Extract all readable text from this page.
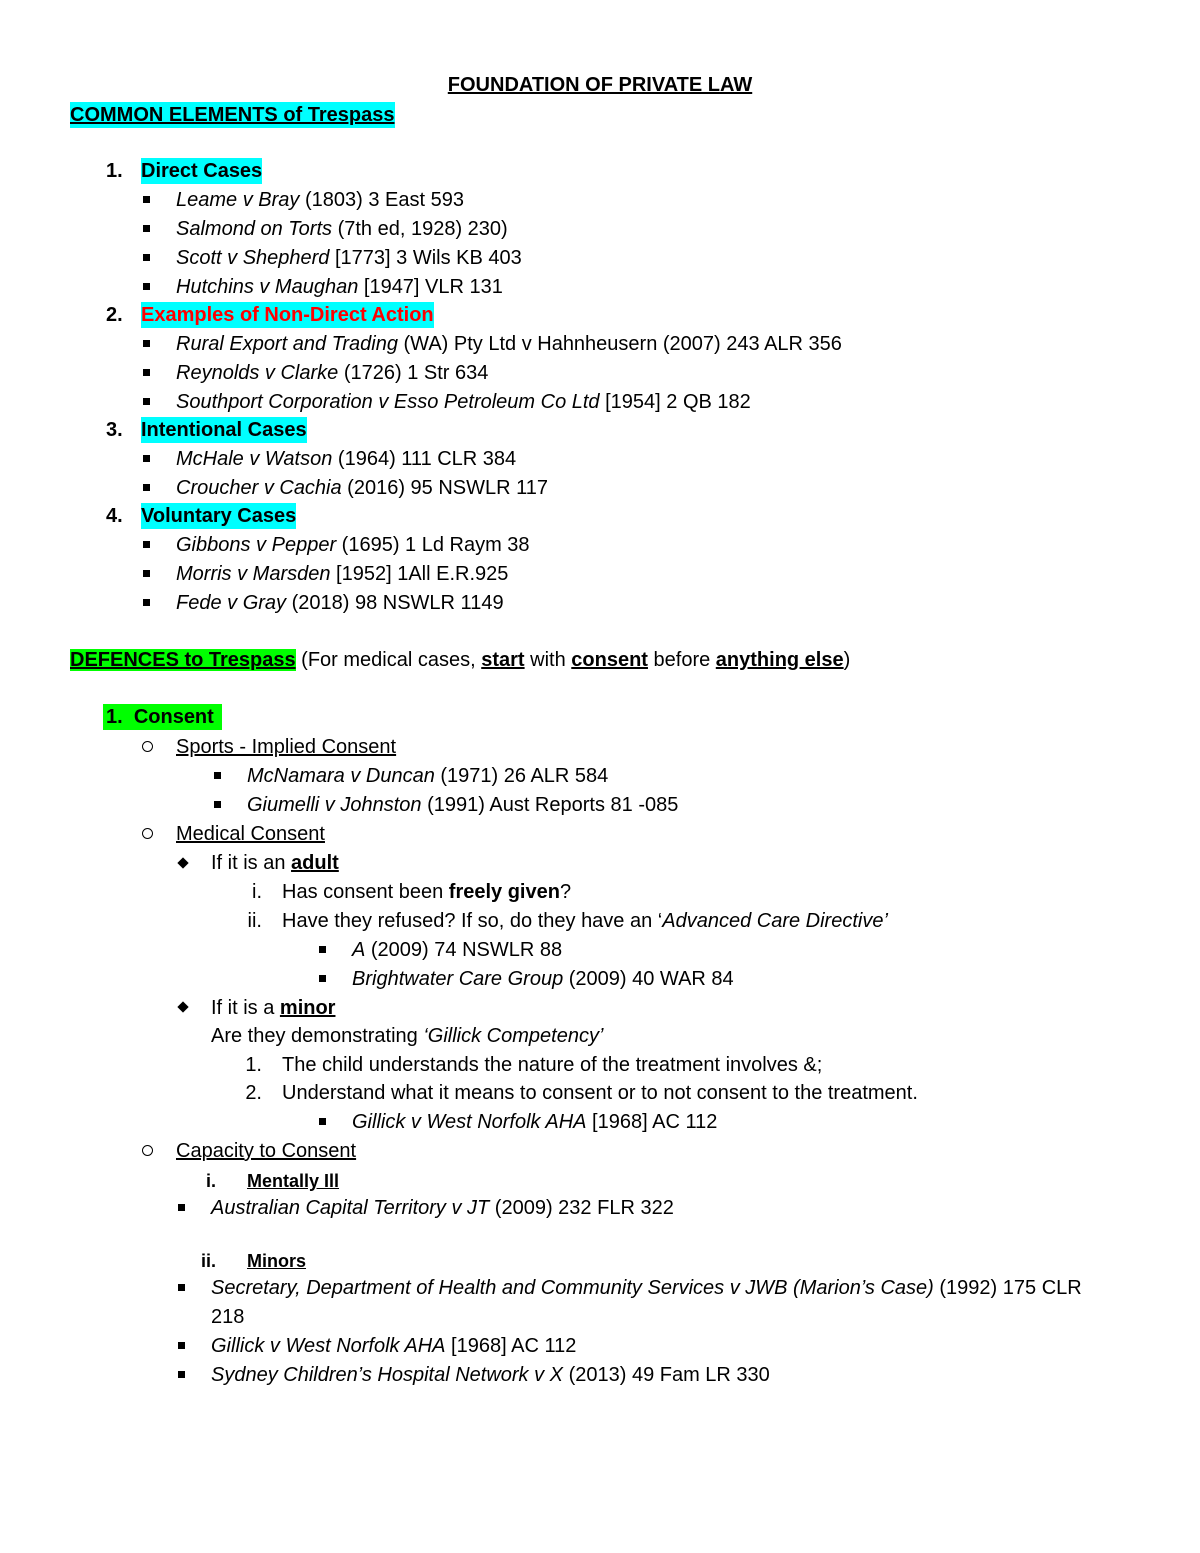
FOUNDATION OF PRIVATE LAW
COMMON ELEMENTS of Trespass
1. Direct Cases
Leame v Bray (1803) 3 East 593
Salmond on Torts (7th ed, 1928) 230)
Scott v Shepherd [1773] 3 Wils KB 403
Hutchins v Maughan [1947] VLR 131
2. Examples of Non-Direct Action
Rural Export and Trading (WA) Pty Ltd v Hahnheusern (2007) 243 ALR 356
Reynolds v Clarke (1726) 1 Str 634
Southport Corporation v Esso Petroleum Co Ltd [1954] 2 QB 182
3. Intentional Cases
McHale v Watson (1964) 111 CLR 384
Croucher v Cachia (2016) 95 NSWLR 117
4. Voluntary Cases
Gibbons v Pepper (1695) 1 Ld Raym 38
Morris v Marsden [1952] 1All E.R.925
Fede v Gray (2018) 98 NSWLR 1149
DEFENCES to Trespass (For medical cases, start with consent before anything else)
1. Consent
Sports - Implied Consent
McNamara v Duncan (1971) 26 ALR 584
Giumelli v Johnston (1991) Aust Reports 81 -085
Medical Consent
If it is an adult
i. Has consent been freely given?
ii. Have they refused? If so, do they have an ‘Advanced Care Directive’
A (2009) 74 NSWLR 88
Brightwater Care Group (2009) 40 WAR 84
If it is a minor
Are they demonstrating ‘Gillick Competency’
1. The child understands the nature of the treatment involves &;
2. Understand what it means to consent or to not consent to the treatment.
Gillick v West Norfolk AHA [1968] AC 112
Capacity to Consent
i. Mentally Ill
Australian Capital Territory v JT (2009) 232 FLR 322
ii. Minors
Secretary, Department of Health and Community Services v JWB (Marion’s Case) (1992) 175 CLR
218
Gillick v West Norfolk AHA [1968] AC 112
Sydney Children’s Hospital Network v X (2013) 49 Fam LR 330
